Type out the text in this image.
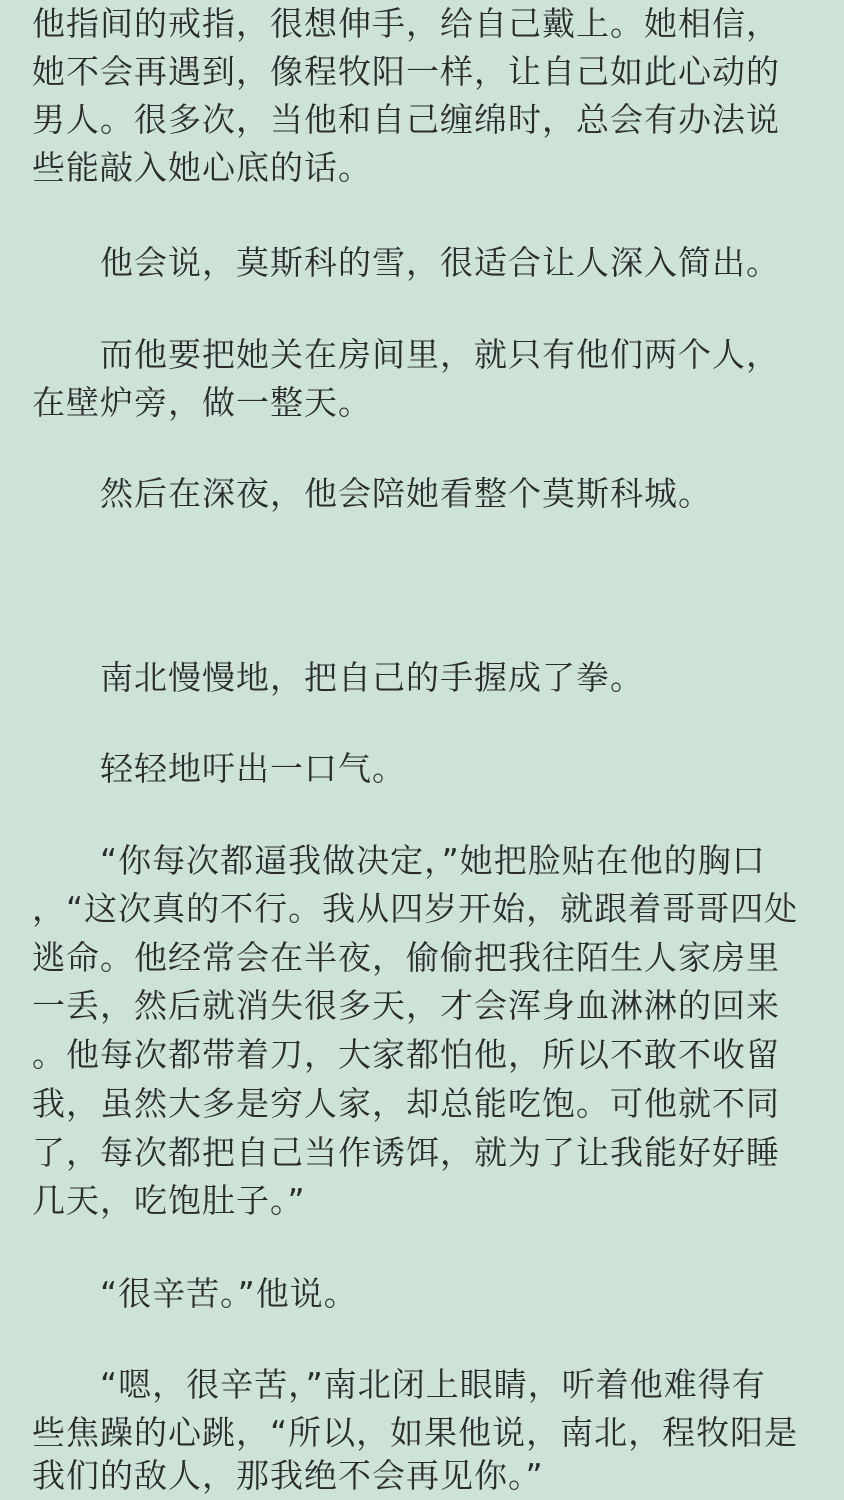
他指间的戒指，很想伸手，给自己戴上。她相信，
她不会再遇到，像程牧阳一样，让自己如此心动的
男人。很多次，当他和自己缠绵时，总会有办法说
些能敲入她心底的话。
他会说，莫斯科的雪，很适合让人深入简出。
而他要把她关在房间里，就只有他们两个人，
在壁炉旁，做一整天。
然后在深夜，他会陪她看整个莫斯科城。
南北慢慢地，把自己的手握成了拳。
轻轻地吁出一口气。
“你每次都逼我做决定，”她把脸贴在他的胸口
，“这次真的不行。我从四岁开始，就跟着哥哥四处
逃命。他经常会在半夜，偷偷把我往陌生人家房里
一丢，然后就消失很多天，才会浑身血淋淋的回来
。他每次都带着刀，大家都怕他，所以不敢不收留
我，虽然大多是穷人家，却总能吃饱。可他就不同
了，每次都把自己当作诱饵，就为了让我能好好睡
几天，吃饱肚子。”
“很辛苦。”他说。
“嗯，很辛苦，”南北闭上眼睛，听着他难得有
些焦躁的心跳，“所以，如果他说，南北，程牧阳是
我们的敌人，那我绝不会再见你。”
